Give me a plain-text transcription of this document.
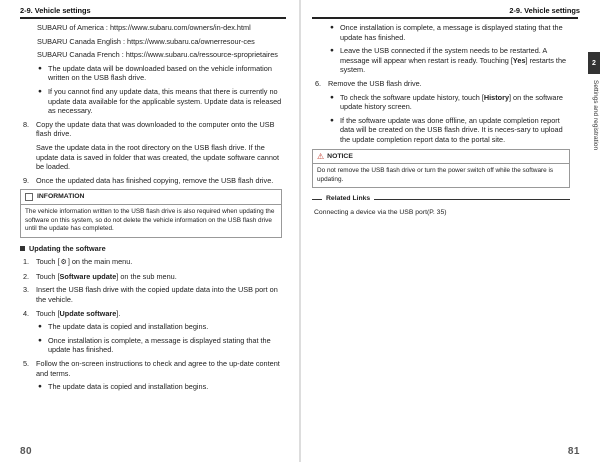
2-9. Vehicle settings

SUBARU of America : https://www.subaru.com/owners/in-dex.html

SUBARU Canada English : https://www.subaru.ca/ownerresour-ces

SUBARU Canada French : https://www.subaru.ca/ressource-sproprietaires

● The update data will be downloaded based on the vehicle information written on the USB flash drive.
● If you cannot find any update data, this means that there is currently no update data available for the applicable system. Update data is released as necessary.
8. Copy the update data that was downloaded to the computer onto the USB flash drive.

Save the update data in the root directory on the USB flash drive. If the update data is saved in folder that was created, the update software cannot be loaded.

9. Once the updated data has finished copying, remove the USB flash drive.
INFORMATION
The vehicle information written to the USB flash drive is also required when updating the software on this system, so do not delete the vehicle information on the USB flash drive until the update has completed.
Updating the software
1. Touch [⚙] on the main menu.
2. Touch [Software update] on the sub menu.
3. Insert the USB flash drive with the copied update data into the USB port on the vehicle.
4. Touch [Update software].
● The update data is copied and installation begins.
● Once installation is complete, a message is displayed stating that the update has finished.
5. Follow the on-screen instructions to check and agree to the up-date content and terms.
● The update data is copied and installation begins.
80
2-9. Vehicle settings
● Once installation is complete, a message is displayed stating that the update has finished.
● Leave the USB connected if the system needs to be restarted. A message will appear when restart is ready. Touching [Yes] restarts the system.
6. Remove the USB flash drive.
● To check the software update history, touch [History] on the software update history screen.
● If the software update was done offline, an update completion report data will be created on the USB flash drive. It is neces-sary to upload the update completion report data to the portal site.
⚠ NOTICE
Do not remove the USB flash drive or turn the power switch off while the software is updating.
Related Links
Connecting a device via the USB port(P. 35)
2
Settings and registration
81
